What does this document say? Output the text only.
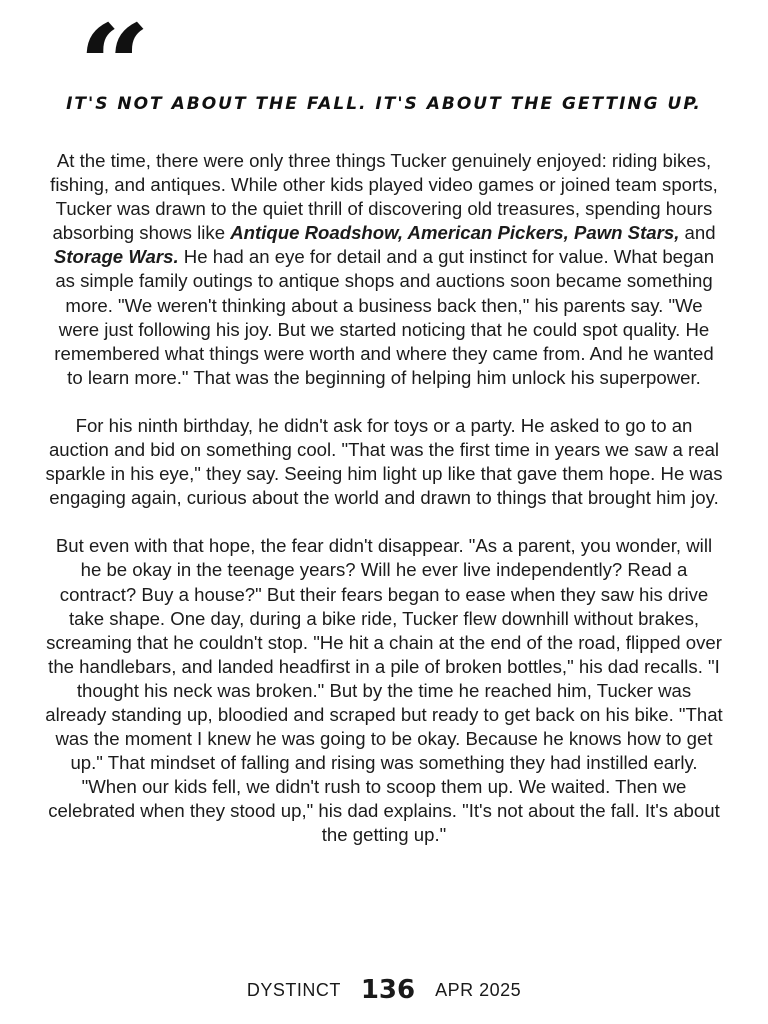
“
IT'S NOT ABOUT THE FALL. IT'S ABOUT THE GETTING UP.

At the time, there were only three things Tucker genuinely enjoyed: riding bikes, fishing, and antiques. While other kids played video games or joined team sports, Tucker was drawn to the quiet thrill of discovering old treasures, spending hours absorbing shows like Antique Roadshow, American Pickers, Pawn Stars, and Storage Wars. He had an eye for detail and a gut instinct for value. What began as simple family outings to antique shops and auctions soon became something more. "We weren't thinking about a business back then," his parents say. "We were just following his joy. But we started noticing that he could spot quality. He remembered what things were worth and where they came from. And he wanted to learn more." That was the beginning of helping him unlock his superpower.

For his ninth birthday, he didn't ask for toys or a party. He asked to go to an auction and bid on something cool. "That was the first time in years we saw a real sparkle in his eye," they say. Seeing him light up like that gave them hope. He was engaging again, curious about the world and drawn to things that brought him joy.

But even with that hope, the fear didn't disappear. "As a parent, you wonder, will he be okay in the teenage years? Will he ever live independently? Read a contract? Buy a house?" But their fears began to ease when they saw his drive take shape. One day, during a bike ride, Tucker flew downhill without brakes, screaming that he couldn't stop. "He hit a chain at the end of the road, flipped over the handlebars, and landed headfirst in a pile of broken bottles," his dad recalls. "I thought his neck was broken." But by the time he reached him, Tucker was already standing up, bloodied and scraped but ready to get back on his bike. "That was the moment I knew he was going to be okay. Because he knows how to get up." That mindset of falling and rising was something they had instilled early. "When our kids fell, we didn't rush to scoop them up. We waited. Then we celebrated when they stood up," his dad explains. "It's not about the fall. It's about the getting up."

DYSTINCT 136 APR 2025
